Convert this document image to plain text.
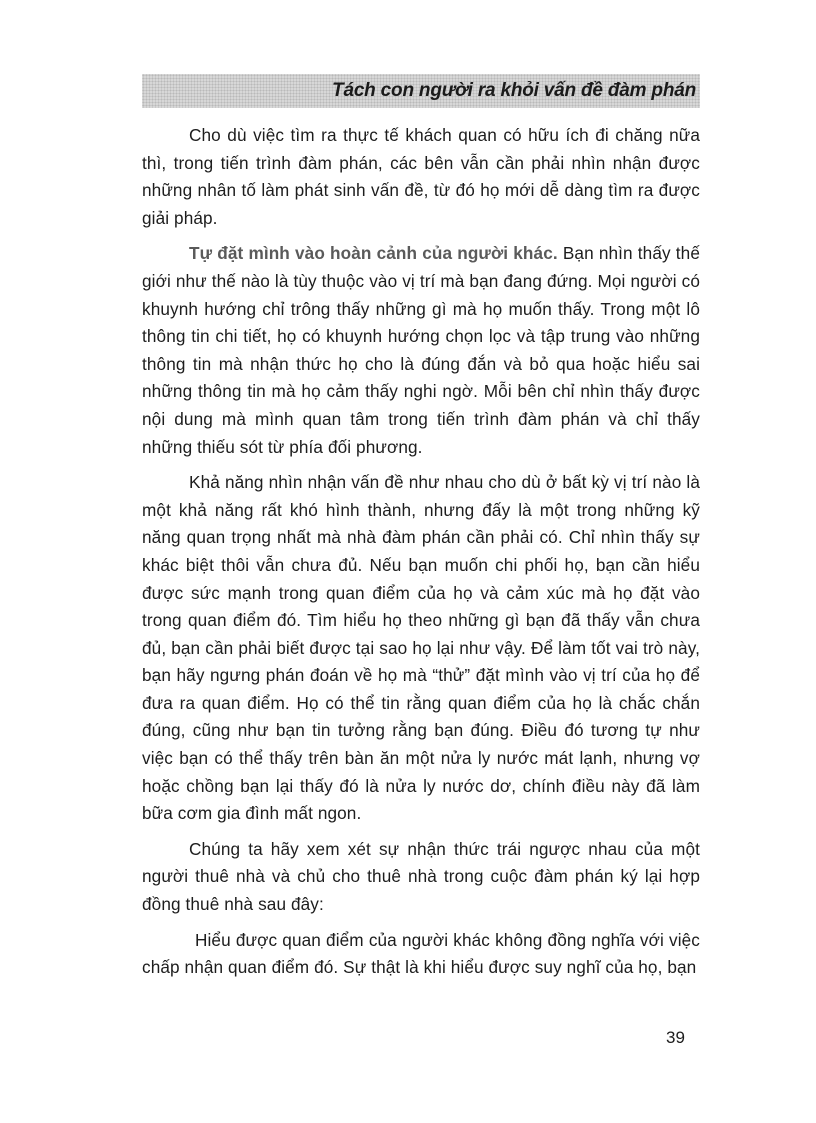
Tách con người ra khỏi vấn đề đàm phán

Cho dù việc tìm ra thực tế khách quan có hữu ích đi chăng nữa thì, trong tiến trình đàm phán, các bên vẫn cần phải nhìn nhận được những nhân tố làm phát sinh vấn đề, từ đó họ mới dễ dàng tìm ra được giải pháp.

Tự đặt mình vào hoàn cảnh của người khác. Bạn nhìn thấy thế giới như thế nào là tùy thuộc vào vị trí mà bạn đang đứng. Mọi người có khuynh hướng chỉ trông thấy những gì mà họ muốn thấy. Trong một lô thông tin chi tiết, họ có khuynh hướng chọn lọc và tập trung vào những thông tin mà nhận thức họ cho là đúng đắn và bỏ qua hoặc hiểu sai những thông tin mà họ cảm thấy nghi ngờ. Mỗi bên chỉ nhìn thấy được nội dung mà mình quan tâm trong tiến trình đàm phán và chỉ thấy những thiếu sót từ phía đối phương.

Khả năng nhìn nhận vấn đề như nhau cho dù ở bất kỳ vị trí nào là một khả năng rất khó hình thành, nhưng đấy là một trong những kỹ năng quan trọng nhất mà nhà đàm phán cần phải có. Chỉ nhìn thấy sự khác biệt thôi vẫn chưa đủ. Nếu bạn muốn chi phối họ, bạn cần hiểu được sức mạnh trong quan điểm của họ và cảm xúc mà họ đặt vào trong quan điểm đó. Tìm hiểu họ theo những gì bạn đã thấy vẫn chưa đủ, bạn cần phải biết được tại sao họ lại như vậy. Để làm tốt vai trò này, bạn hãy ngưng phán đoán về họ mà “thử” đặt mình vào vị trí của họ để đưa ra quan điểm. Họ có thể tin rằng quan điểm của họ là chắc chắn đúng, cũng như bạn tin tưởng rằng bạn đúng. Điều đó tương tự như việc bạn có thể thấy trên bàn ăn một nửa ly nước mát lạnh, nhưng vợ hoặc chồng bạn lại thấy đó là nửa ly nước dơ, chính điều này đã làm bữa cơm gia đình mất ngon.

Chúng ta hãy xem xét sự nhận thức trái ngược nhau của một người thuê nhà và chủ cho thuê nhà trong cuộc đàm phán ký lại hợp đồng thuê nhà sau đây:

Hiểu được quan điểm của người khác không đồng nghĩa với việc chấp nhận quan điểm đó. Sự thật là khi hiểu được suy nghĩ của họ, bạn

39
